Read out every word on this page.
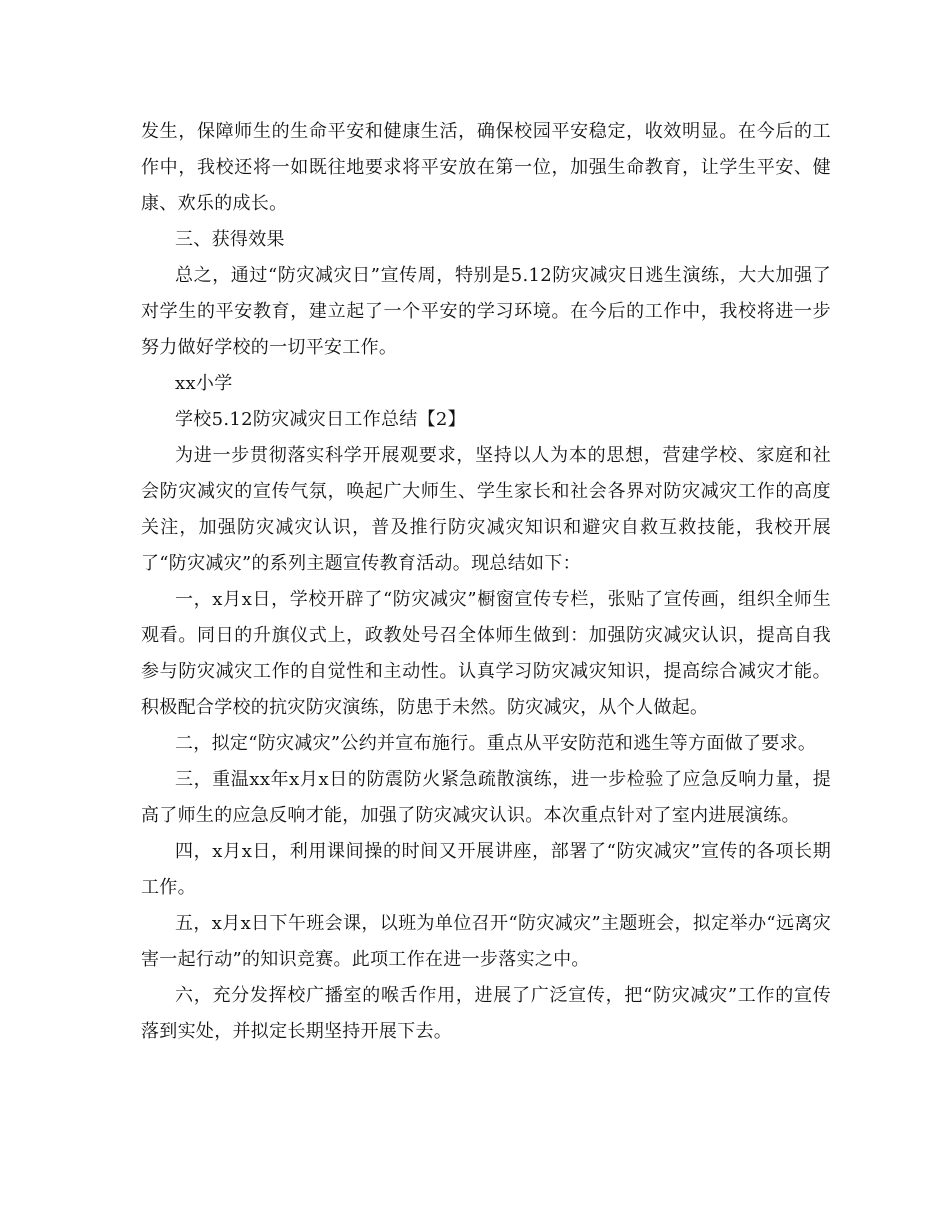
发生，保障师生的生命平安和健康生活，确保校园平安稳定，收效明显。在今后的工作中，我校还将一如既往地要求将平安放在第一位，加强生命教育，让学生平安、健康、欢乐的成长。

三、获得效果

总之，通过“防灾减灾日”宣传周，特别是5.12防灾减灾日逃生演练，大大加强了对学生的平安教育，建立起了一个平安的学习环境。在今后的工作中，我校将进一步努力做好学校的一切平安工作。

xx小学

学校5.12防灾减灾日工作总结【2】

为进一步贯彻落实科学开展观要求，坚持以人为本的思想，营建学校、家庭和社会防灾减灾的宣传气氛，唤起广大师生、学生家长和社会各界对防灾减灾工作的高度关注，加强防灾减灾认识，普及推行防灾减灾知识和避灾自救互救技能，我校开展了“防灾减灾”的系列主题宣传教育活动。现总结如下：

一，x月x日，学校开辟了“防灾减灾”橱窗宣传专栏，张贴了宣传画，组织全师生观看。同日的升旗仪式上，政教处号召全体师生做到：加强防灾减灾认识，提高自我参与防灾减灾工作的自觉性和主动性。认真学习防灾减灾知识，提高综合减灾才能。积极配合学校的抗灾防灾演练，防患于未然。防灾减灾，从个人做起。

二，拟定“防灾减灾”公约并宣布施行。重点从平安防范和逃生等方面做了要求。

三，重温xx年x月x日的防震防火紧急疏散演练，进一步检验了应急反响力量，提高了师生的应急反响才能，加强了防灾减灾认识。本次重点针对了室内进展演练。

四，x月x日，利用课间操的时间又开展讲座，部署了“防灾减灾”宣传的各项长期工作。

五，x月x日下午班会课，以班为单位召开“防灾减灾”主题班会，拟定举办“远离灾害一起行动”的知识竞赛。此项工作在进一步落实之中。

六，充分发挥校广播室的喉舌作用，进展了广泛宣传，把“防灾减灾”工作的宣传落到实处，并拟定长期坚持开展下去。
